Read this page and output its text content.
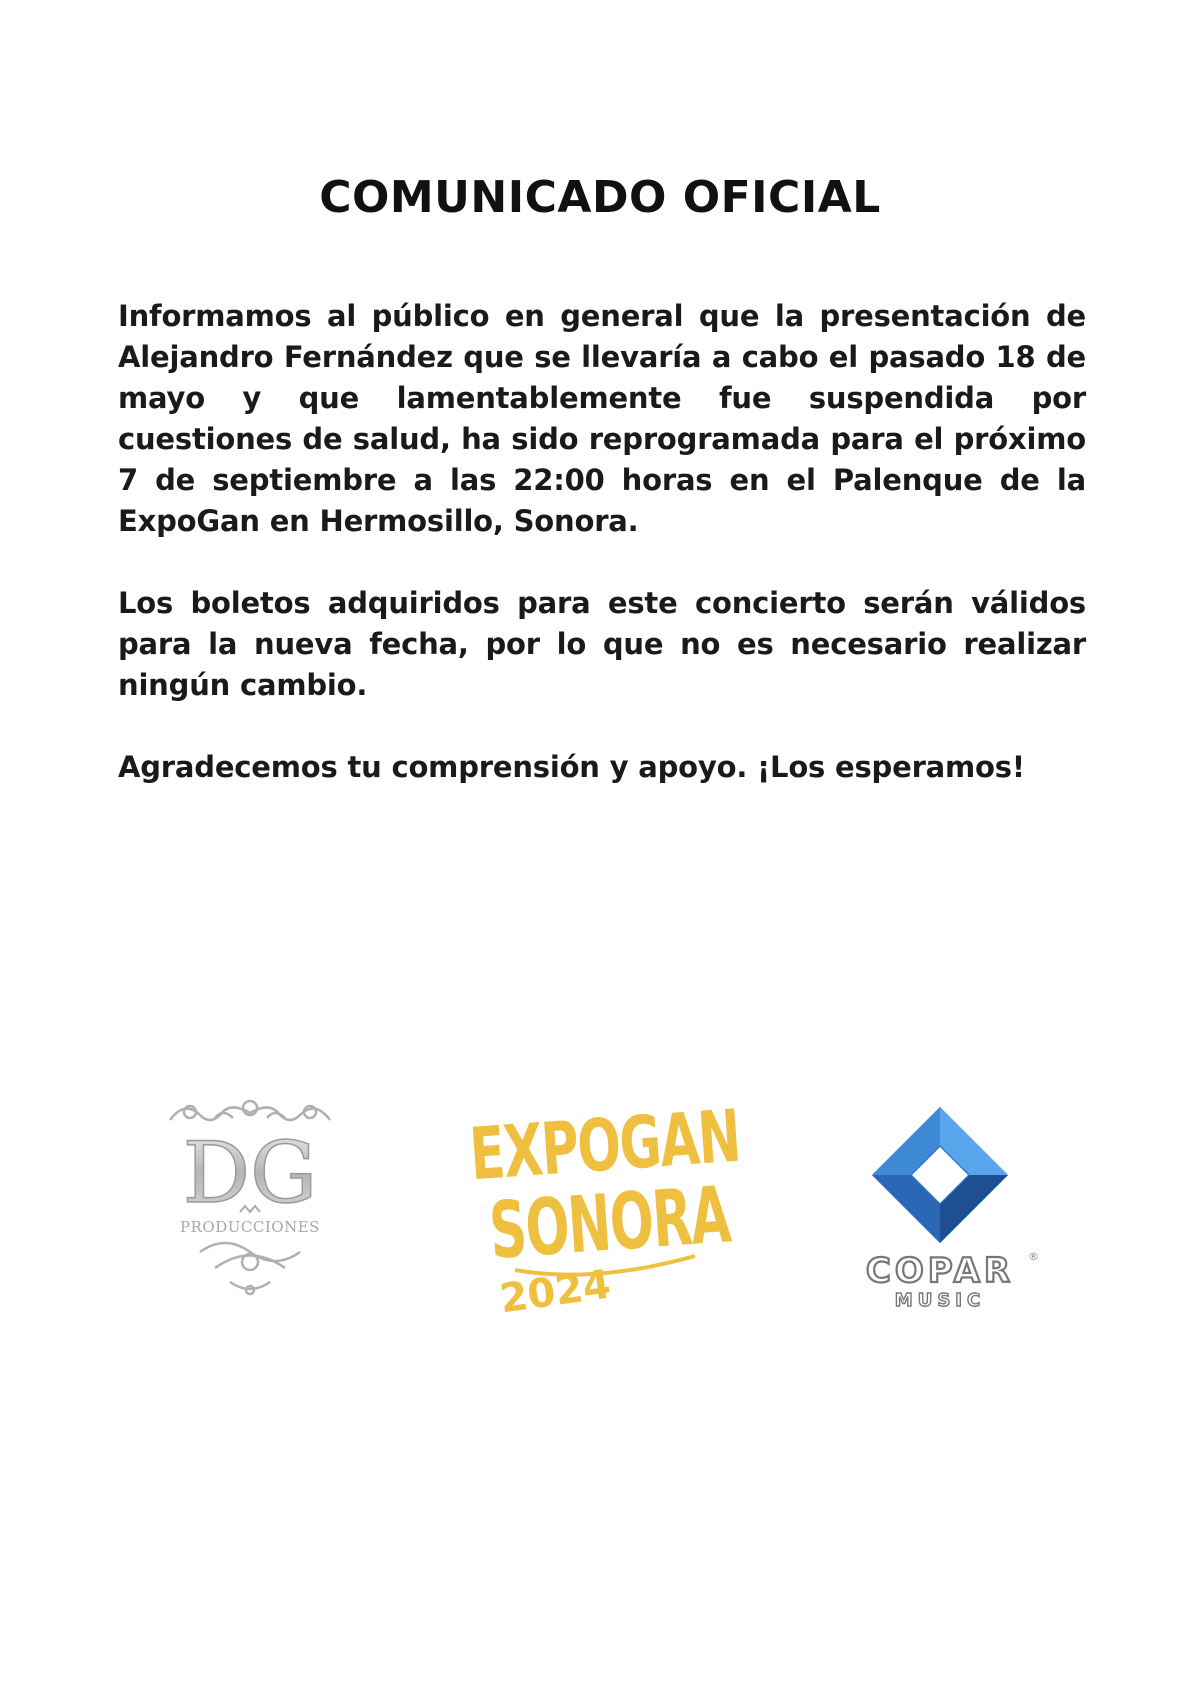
COMUNICADO OFICIAL

Informamos al público en general que la presentación de Alejandro Fernández que se llevaría a cabo el pasado 18 de mayo y que lamentablemente fue suspendida por cuestiones de salud, ha sido reprogramada para el próximo 7 de septiembre a las 22:00 horas en el Palenque de la ExpoGan en Hermosillo, Sonora.

Los boletos adquiridos para este concierto serán válidos para la nueva fecha, por lo que no es necesario realizar ningún cambio.

Agradecemos tu comprensión y apoyo. ¡Los esperamos!

DG
PRODUCCIONES
EXPOGAN
SONORA
2024	COPAR ®
MUSIC
